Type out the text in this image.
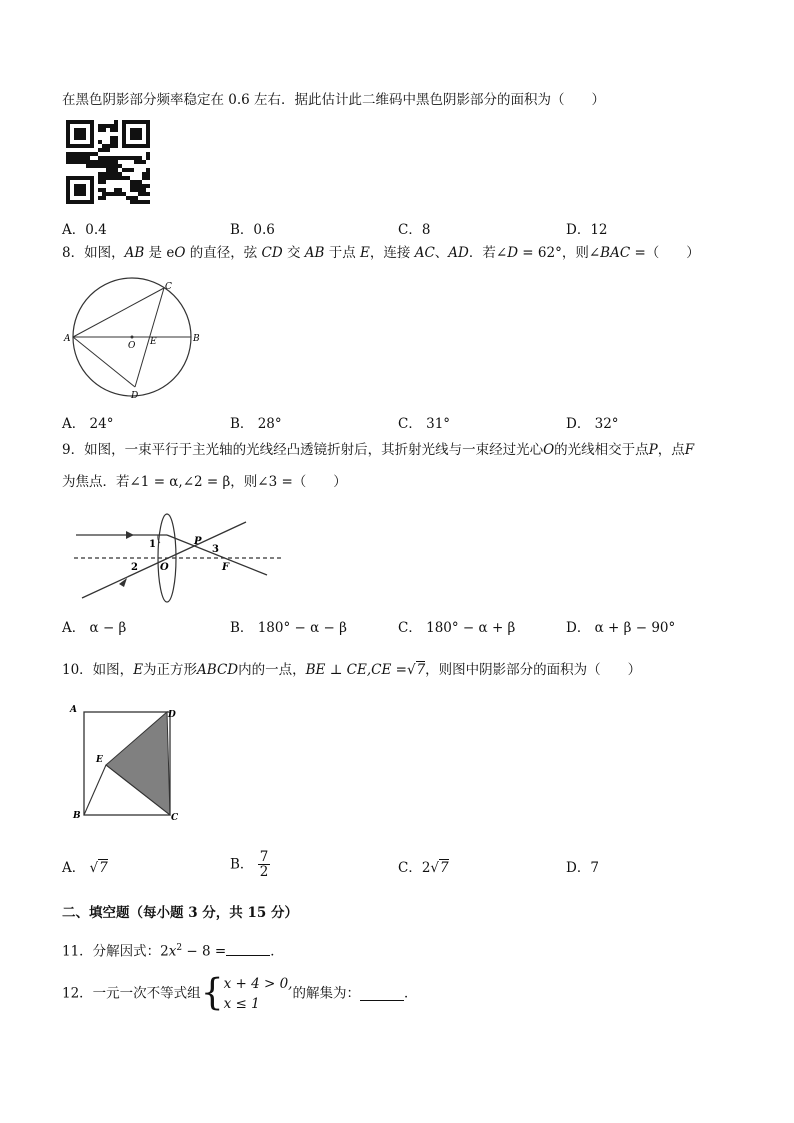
在黑色阴影部分频率稳定在 0.6 左右．据此估计此二维码中黑色阴影部分的面积为（　　）
A．0.4	B．0.6	C．8	D．12
8．如图，AB 是 eO 的直径，弦 CD 交 AB 于点 E，连接 AC、AD．若∠D = 62°，则∠BAC =（　　）
A	B
C
D
O E
A． 24°	B． 28°	C． 31°	D． 32°
9．如图，一束平行于主光轴的光线经凸透镜折射后，其折射光线与一束经过光心O的光线相交于点P，点F
为焦点．若∠1 = α,∠2 = β，则∠3 =（　　）
1
2
3
P
O	F
A． α − β	B． 180° − α − β	C． 180° − α + β	D． α + β − 90°
10．如图，E为正方形ABCD内的一点，BE ⊥ CE,CE =√7，则图中阴影部分的面积为（　　）
A	D
B	C
E
A． √7	B． $\frac{7}{2}$	C．2√7	D．7
二、填空题（每小题 3 分，共 15 分）
11．分解因式：$2x^2 - 8$ =	．
12．一元一次不等式组{ x + 4 > 0,
x ≤ 1
的解集为：	．
